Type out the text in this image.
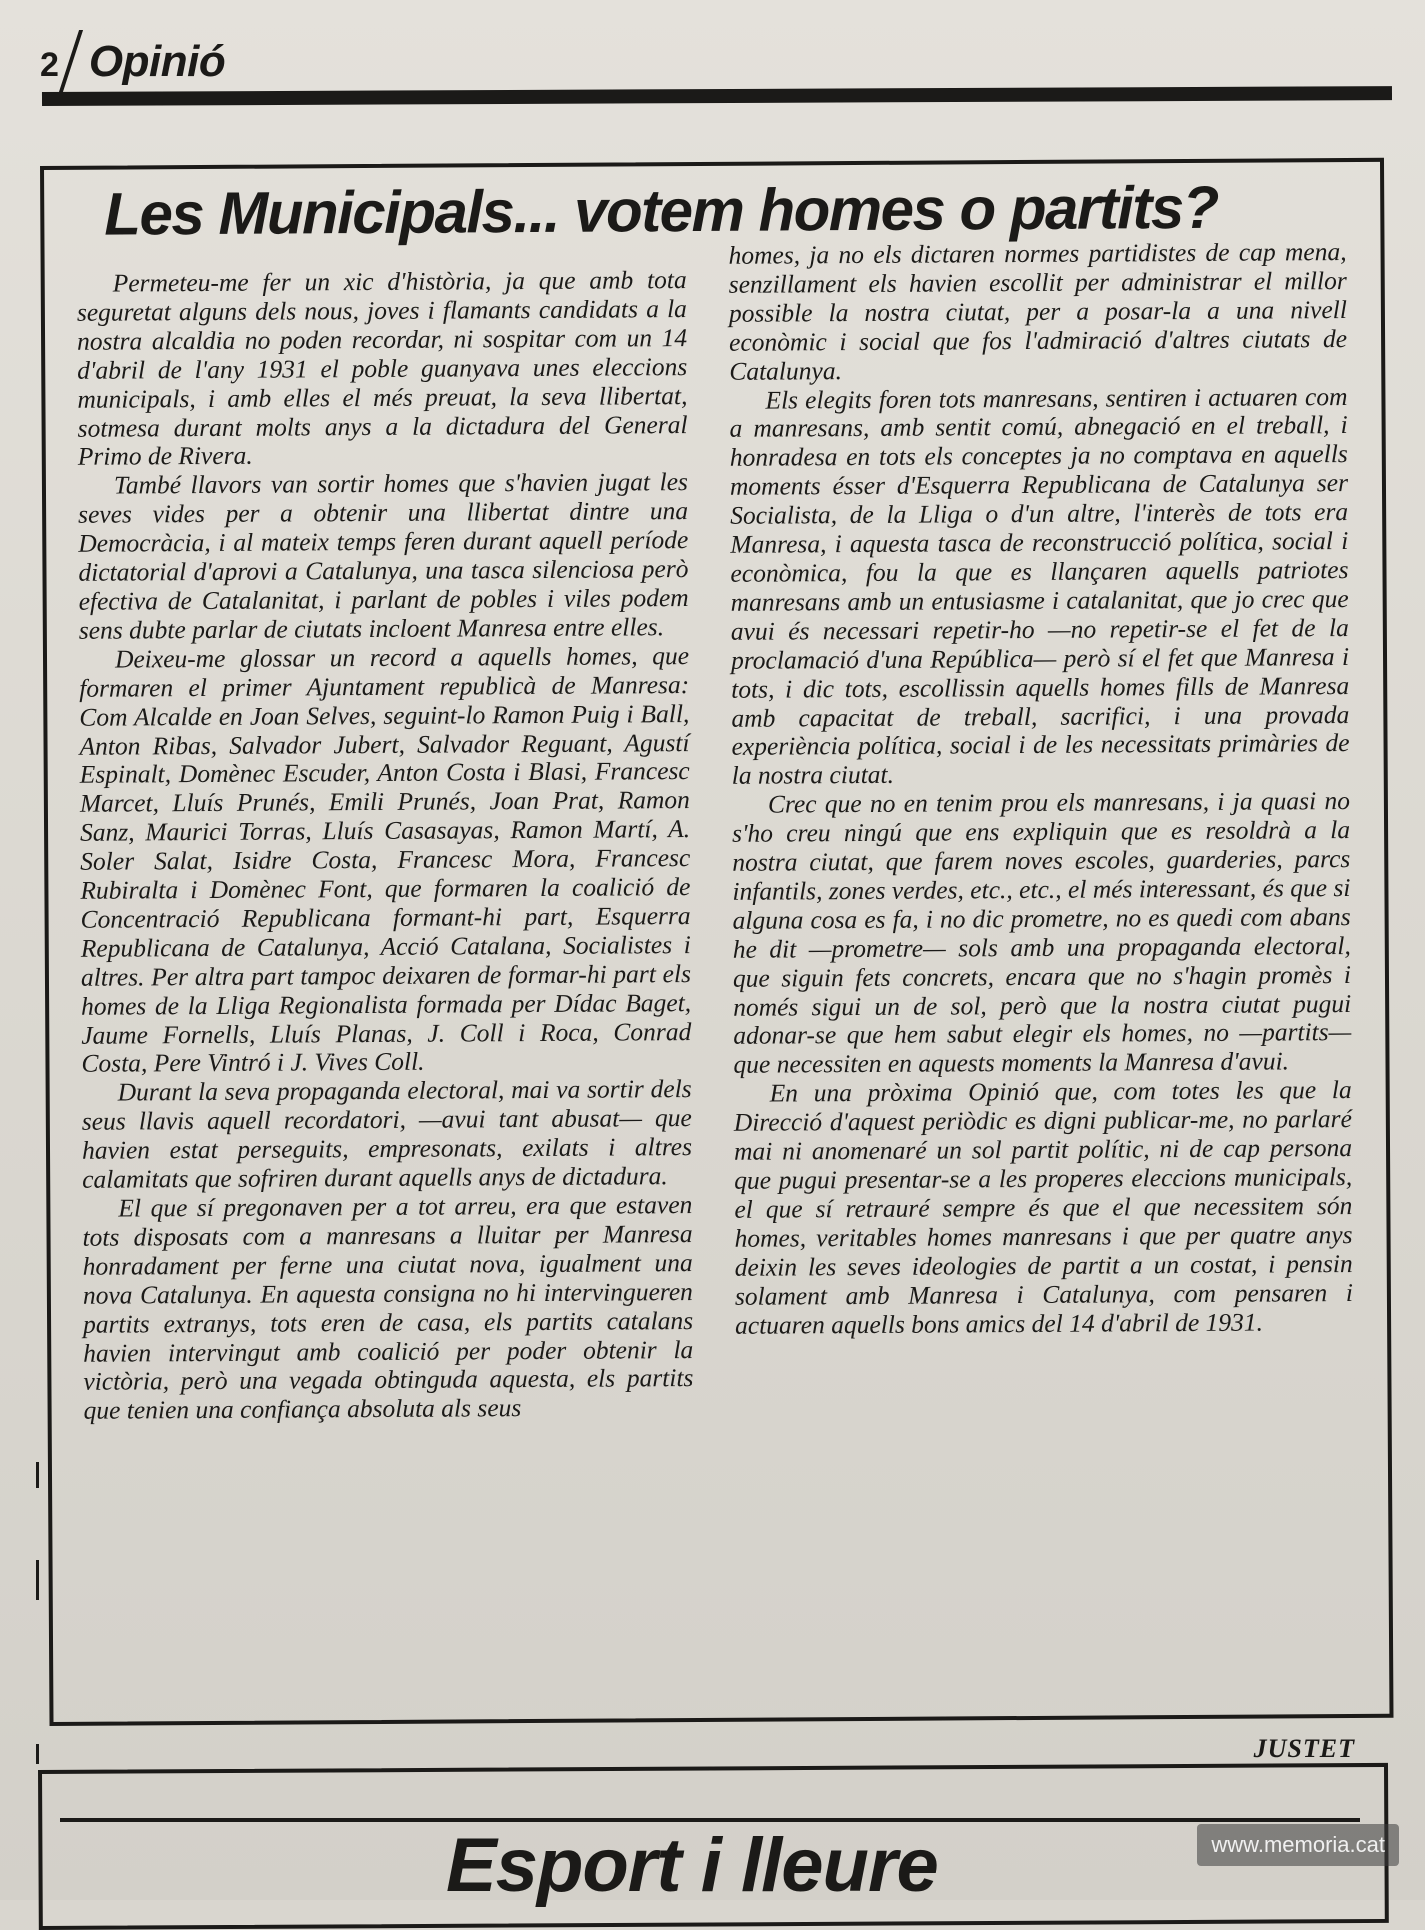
2 Opinió
Les Municipals... votem homes o partits?

Permeteu-me fer un xic d'història, ja que amb tota seguretat alguns dels nous, joves i flamants candidats a la nostra alcaldia no poden recordar, ni sospitar com un 14 d'abril de l'any 1931 el poble guanyava unes eleccions municipals, i amb elles el més preuat, la seva llibertat, sotmesa durant molts anys a la dictadura del General Primo de Rivera.

També llavors van sortir homes que s'havien jugat les seves vides per a obtenir una llibertat dintre una Democràcia, i al mateix temps feren durant aquell període dictatorial d'aprovi a Catalunya, una tasca silenciosa però efectiva de Catalanitat, i parlant de pobles i viles podem sens dubte parlar de ciutats incloent Manresa entre elles.

Deixeu-me glossar un record a aquells homes, que formaren el primer Ajuntament republicà de Manresa: Com Alcalde en Joan Selves, seguint-lo Ramon Puig i Ball, Anton Ribas, Salvador Jubert, Salvador Reguant, Agustí Espinalt, Domènec Escuder, Anton Costa i Blasi, Francesc Marcet, Lluís Prunés, Emili Prunés, Joan Prat, Ramon Sanz, Maurici Torras, Lluís Casasayas, Ramon Martí, A. Soler Salat, Isidre Costa, Francesc Mora, Francesc Rubiralta i Domènec Font, que formaren la coalició de Concentració Republicana formant-hi part, Esquerra Republicana de Catalunya, Acció Catalana, Socialistes i altres. Per altra part tampoc deixaren de formar-hi part els homes de la Lliga Regionalista formada per Dídac Baget, Jaume Fornells, Lluís Planas, J. Coll i Roca, Conrad Costa, Pere Vintró i J. Vives Coll.

Durant la seva propaganda electoral, mai va sortir dels seus llavis aquell recordatori, —avui tant abusat— que havien estat perseguits, empresonats, exilats i altres calamitats que sofriren durant aquells anys de dictadura.

El que sí pregonaven per a tot arreu, era que estaven tots disposats com a manresans a lluitar per Manresa honradament per ferne una ciutat nova, igualment una nova Catalunya. En aquesta consigna no hi intervingueren partits extranys, tots eren de casa, els partits catalans havien intervingut amb coalició per poder obtenir la victòria, però una vegada obtinguda aquesta, els partits que tenien una confiança absoluta als seus

homes, ja no els dictaren normes partidistes de cap mena, senzillament els havien escollit per administrar el millor possible la nostra ciutat, per a posar-la a una nivell econòmic i social que fos l'admiració d'altres ciutats de Catalunya.

Els elegits foren tots manresans, sentiren i actuaren com a manresans, amb sentit comú, abnegació en el treball, i honradesa en tots els conceptes ja no comptava en aquells moments ésser d'Esquerra Republicana de Catalunya ser Socialista, de la Lliga o d'un altre, l'interès de tots era Manresa, i aquesta tasca de reconstrucció política, social i econòmica, fou la que es llançaren aquells patriotes manresans amb un entusiasme i catalanitat, que jo crec que avui és necessari repetir-ho —no repetir-se el fet de la proclamació d'una República— però sí el fet que Manresa i tots, i dic tots, escollissin aquells homes fills de Manresa amb capacitat de treball, sacrifici, i una provada experiència política, social i de les necessitats primàries de la nostra ciutat.

Crec que no en tenim prou els manresans, i ja quasi no s'ho creu ningú que ens expliquin que es resoldrà a la nostra ciutat, que farem noves escoles, guarderies, parcs infantils, zones verdes, etc., etc., el més interessant, és que si alguna cosa es fa, i no dic prometre, no es quedi com abans he dit —prometre— sols amb una propaganda electoral, que siguin fets concrets, encara que no s'hagin promès i només sigui un de sol, però que la nostra ciutat pugui adonar-se que hem sabut elegir els homes, no —partits— que necessiten en aquests moments la Manresa d'avui.

En una pròxima Opinió que, com totes les que la Direcció d'aquest periòdic es digni publicar-me, no parlaré mai ni anomenaré un sol partit polític, ni de cap persona que pugui presentar-se a les properes eleccions municipals, el que sí retrauré sempre és que el que necessitem són homes, veritables homes manresans i que per quatre anys deixin les seves ideologies de partit a un costat, i pensin solament amb Manresa i Catalunya, com pensaren i actuaren aquells bons amics del 14 d'abril de 1931.

JUSTET
Esport i lleure	www.memoria.cat
